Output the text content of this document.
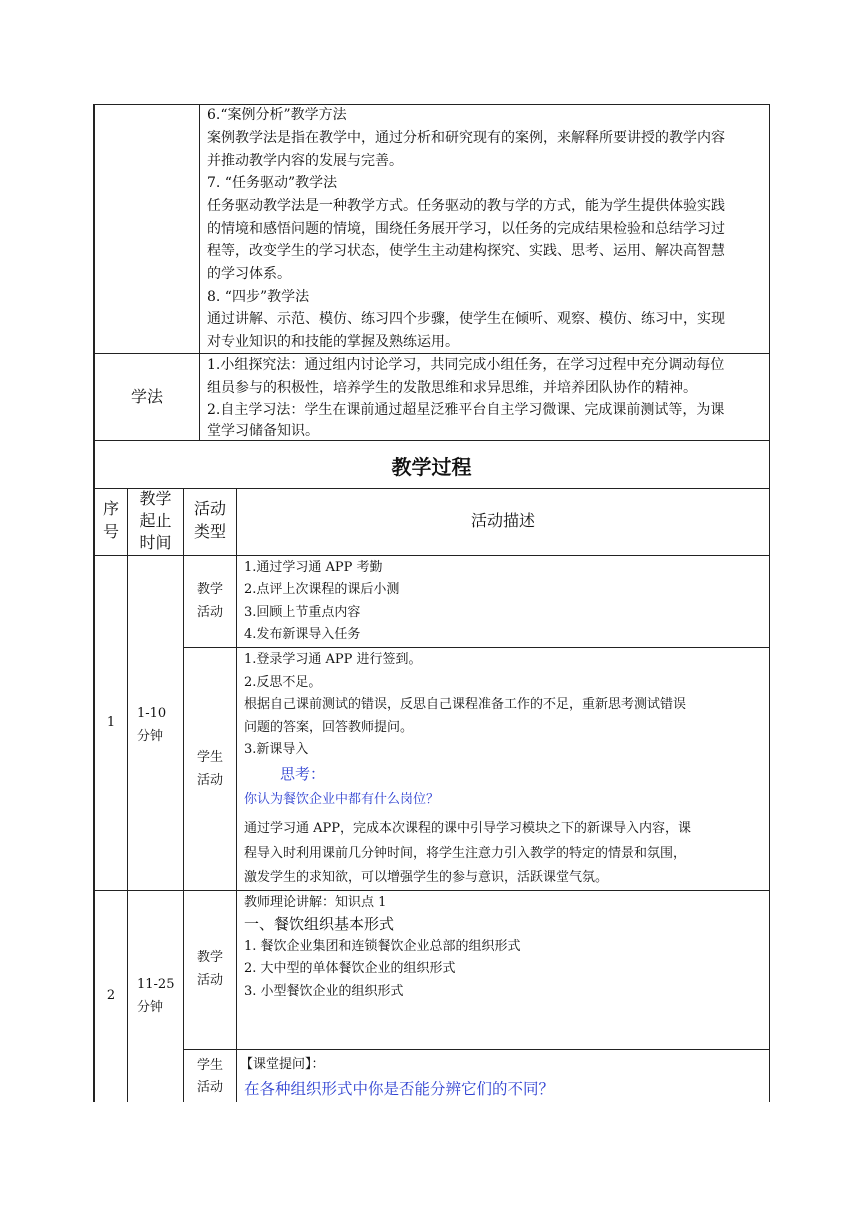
6.“案例分析”教学方法
案例教学法是指在教学中，通过分析和研究现有的案例，来解释所要讲授的教学内容
并推动教学内容的发展与完善。
7. “任务驱动”教学法
任务驱动教学法是一种教学方式。任务驱动的教与学的方式，能为学生提供体验实践
的情境和感悟问题的情境，围绕任务展开学习，以任务的完成结果检验和总结学习过
程等，改变学生的学习状态，使学生主动建构探究、实践、思考、运用、解决高智慧
的学习体系。
8. “四步”教学法
通过讲解、示范、模仿、练习四个步骤，使学生在倾听、观察、模仿、练习中，实现
对专业知识的和技能的掌握及熟练运用。
学法
1.小组探究法：通过组内讨论学习，共同完成小组任务，在学习过程中充分调动每位
组员参与的积极性，培养学生的发散思维和求异思维，并培养团队协作的精神。
2.自主学习法：学生在课前通过超星泛雅平台自主学习微课、完成课前测试等，为课
堂学习储备知识。
教学过程
序
号
教学
起止
时间
活动
类型
活动描述
1
1-10
分钟
教学
活动
1.通过学习通 APP 考勤
2.点评上次课程的课后小测
3.回顾上节重点内容
4.发布新课导入任务
学生
活动
1.登录学习通 APP 进行签到。
2.反思不足。
根据自己课前测试的错误，反思自己课程准备工作的不足，重新思考测试错误
问题的答案，回答教师提问。
3.新课导入
思考：
你认为餐饮企业中都有什么岗位？
通过学习通 APP，完成本次课程的课中引导学习模块之下的新课导入内容，课
程导入时利用课前几分钟时间，将学生注意力引入教学的特定的情景和氛围，
激发学生的求知欲，可以增强学生的参与意识，活跃课堂气氛。
2
11-25
分钟
教学
活动
教师理论讲解：知识点 1
一、餐饮组织基本形式
1. 餐饮企业集团和连锁餐饮企业总部的组织形式
2. 大中型的单体餐饮企业的组织形式
3. 小型餐饮企业的组织形式
学生
活动
【课堂提问】：
在各种组织形式中你是否能分辨它们的不同？
